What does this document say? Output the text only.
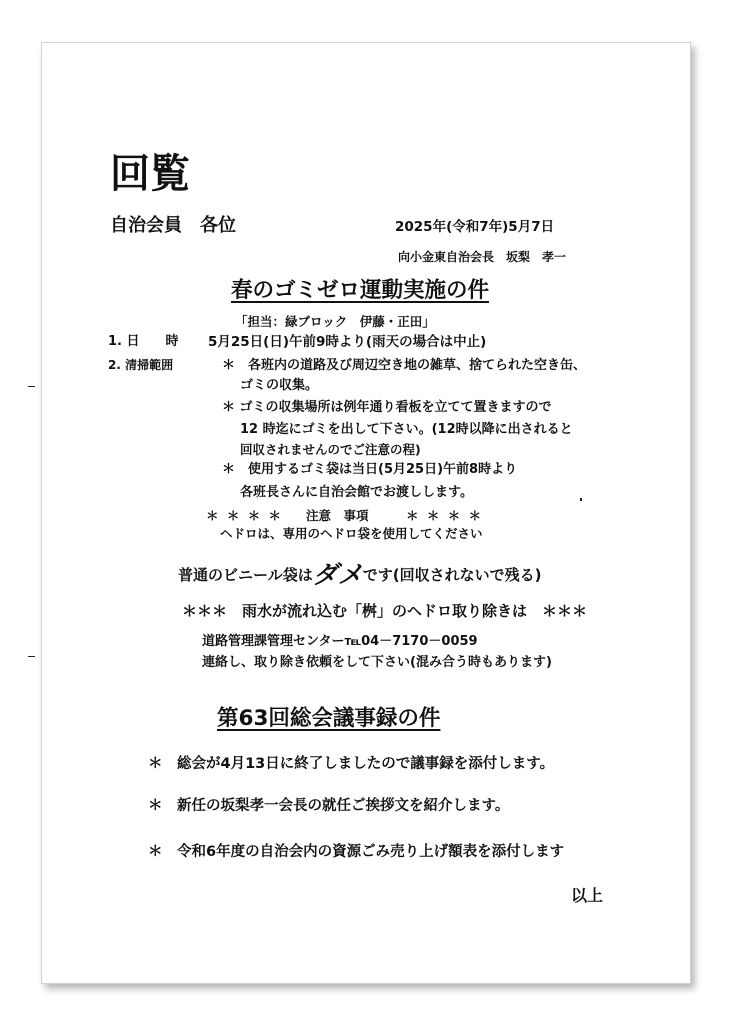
回覧
自治会員　各位	2025年(令和7年)5月7日
向小金東自治会長　坂梨　孝一
春のゴミゼロ運動実施の件
「担当：緑ブロック　伊藤・正田」
1. 日　　時 5月25日(日)午前9時より(雨天の場合は中止)
2. 清掃範囲	＊　各班内の道路及び周辺空き地の雑草、捨てられた空き缶、
ゴミの収集。
＊ ゴミの収集場所は例年通り看板を立てて置きますので
12 時迄にゴミを出して下さい。(12時以降に出されると
回収されませんのでご注意の程)
＊　使用するゴミ袋は当日(5月25日)午前8時より
各班長さんに自治会館でお渡しします。
＊ ＊ ＊ ＊　　注意　事項　　　＊ ＊ ＊ ＊
ヘドロは、専用のヘドロ袋を使用してください
普通のビニール袋はダメです(回収されないで残る)
＊＊＊　雨水が流れ込む「桝」のヘドロ取り除きは　＊＊＊
道路管理課管理センター℡04－7170－0059
連絡し、取り除き依頼をして下さい(混み合う時もあります)
第63回総会議事録の件
＊　総会が4月13日に終了しましたので議事録を添付します。
＊　新任の坂梨孝一会長の就任ご挨拶文を紹介します。
＊　令和6年度の自治会内の資源ごみ売り上げ額表を添付します
以上
